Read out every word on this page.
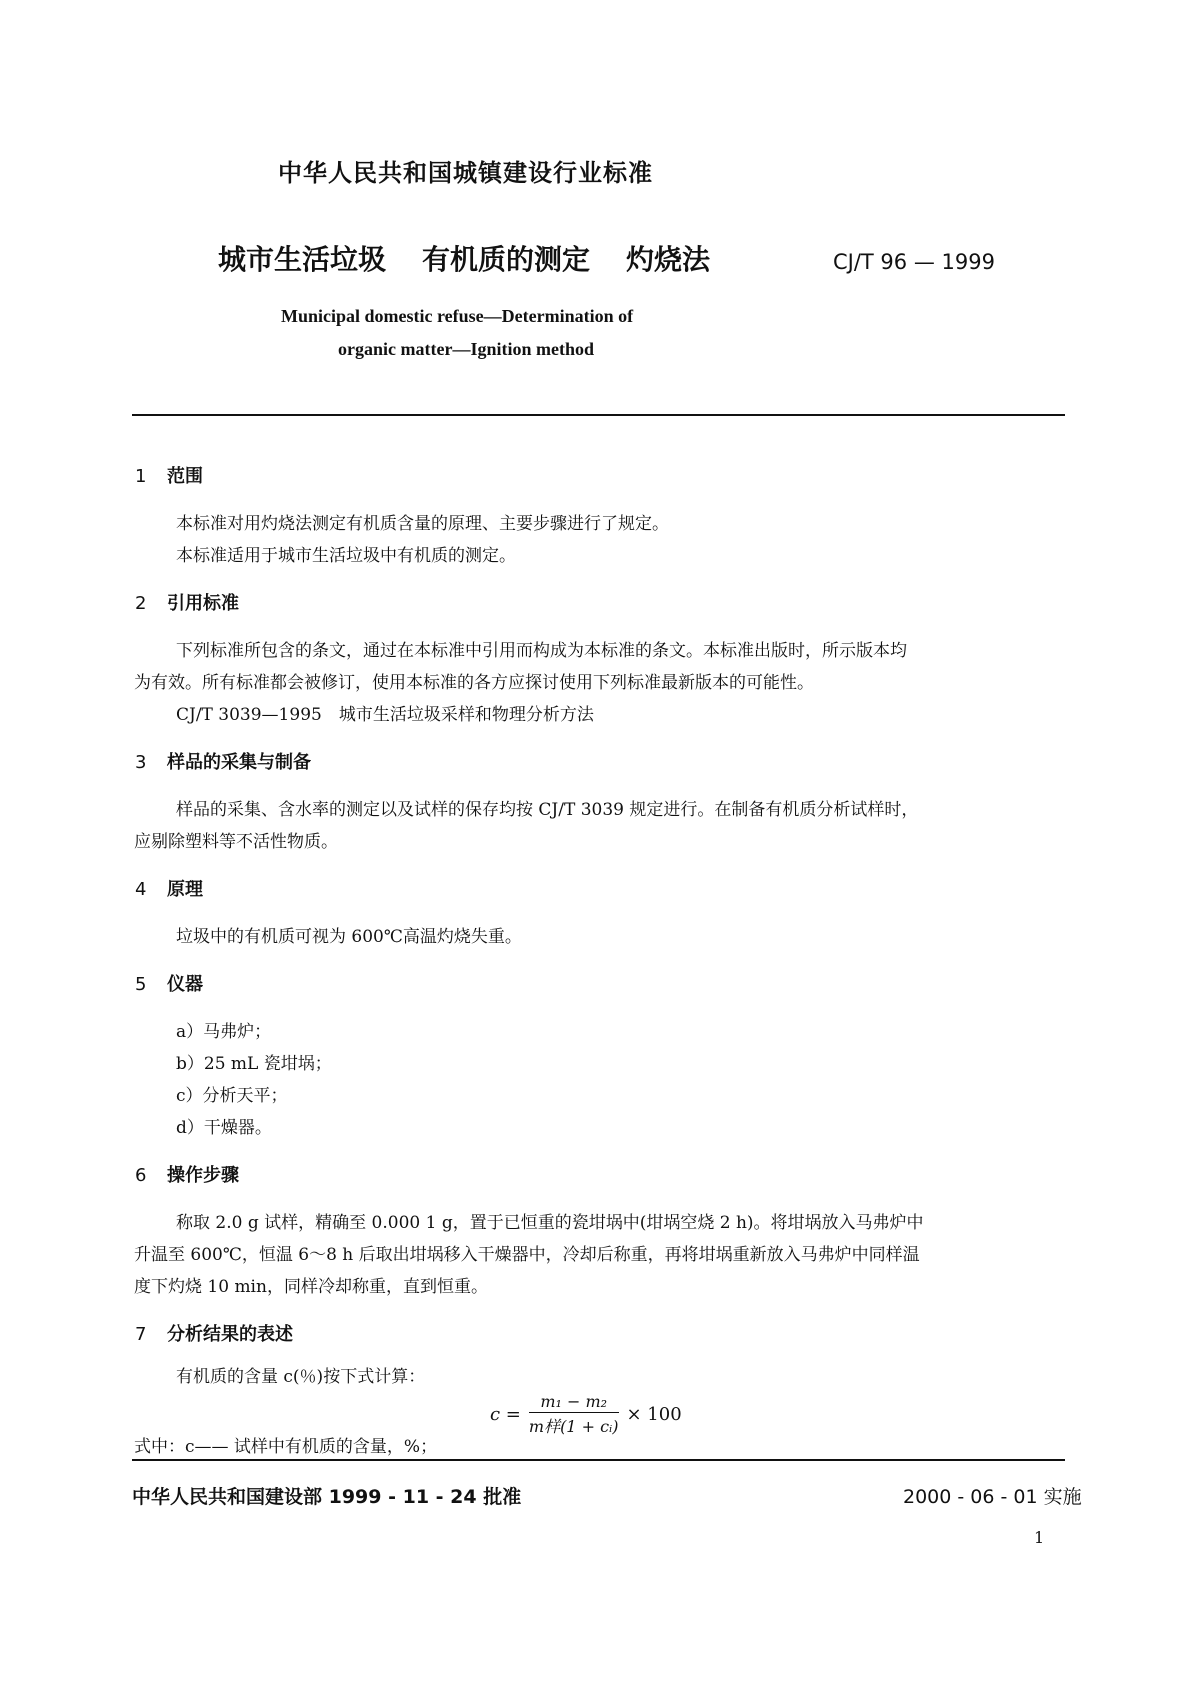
中华人民共和国城镇建设行业标准
城市生活垃圾 有机质的测定 灼烧法	CJ/T 96 — 1999
Municipal domestic refuse—Determination of
organic matter—Ignition method
1 范围
本标准对用灼烧法测定有机质含量的原理、主要步骤进行了规定。
本标准适用于城市生活垃圾中有机质的测定。
2 引用标准
下列标准所包含的条文，通过在本标准中引用而构成为本标准的条文。本标准出版时，所示版本均
为有效。所有标准都会被修订，使用本标准的各方应探讨使用下列标准最新版本的可能性。
CJ/T 3039—1995　城市生活垃圾采样和物理分析方法
3 样品的采集与制备
样品的采集、含水率的测定以及试样的保存均按 CJ/T 3039 规定进行。在制备有机质分析试样时，
应剔除塑料等不活性物质。
4 原理
垃圾中的有机质可视为 600℃高温灼烧失重。
5 仪器
a）马弗炉；
b）25 mL 瓷坩埚；
c）分析天平；
d）干燥器。
6 操作步骤
称取 2.0 g 试样，精确至 0.000 1 g，置于已恒重的瓷坩埚中(坩埚空烧 2 h)。将坩埚放入马弗炉中
升温至 600℃，恒温 6～8 h 后取出坩埚移入干燥器中，冷却后称重，再将坩埚重新放入马弗炉中同样温
度下灼烧 10 min，同样冷却称重，直到恒重。
7 分析结果的表述
有机质的含量 c(％)按下式计算：
$c = \frac{\text{m₁ − m₂}}{\text{m样(1 + cᵢ)}} \times 100$
式中：c—— 试样中有机质的含量，%；
中华人民共和国建设部 1999 - 11 - 24 批准	2000 - 06 - 01 实施
1
